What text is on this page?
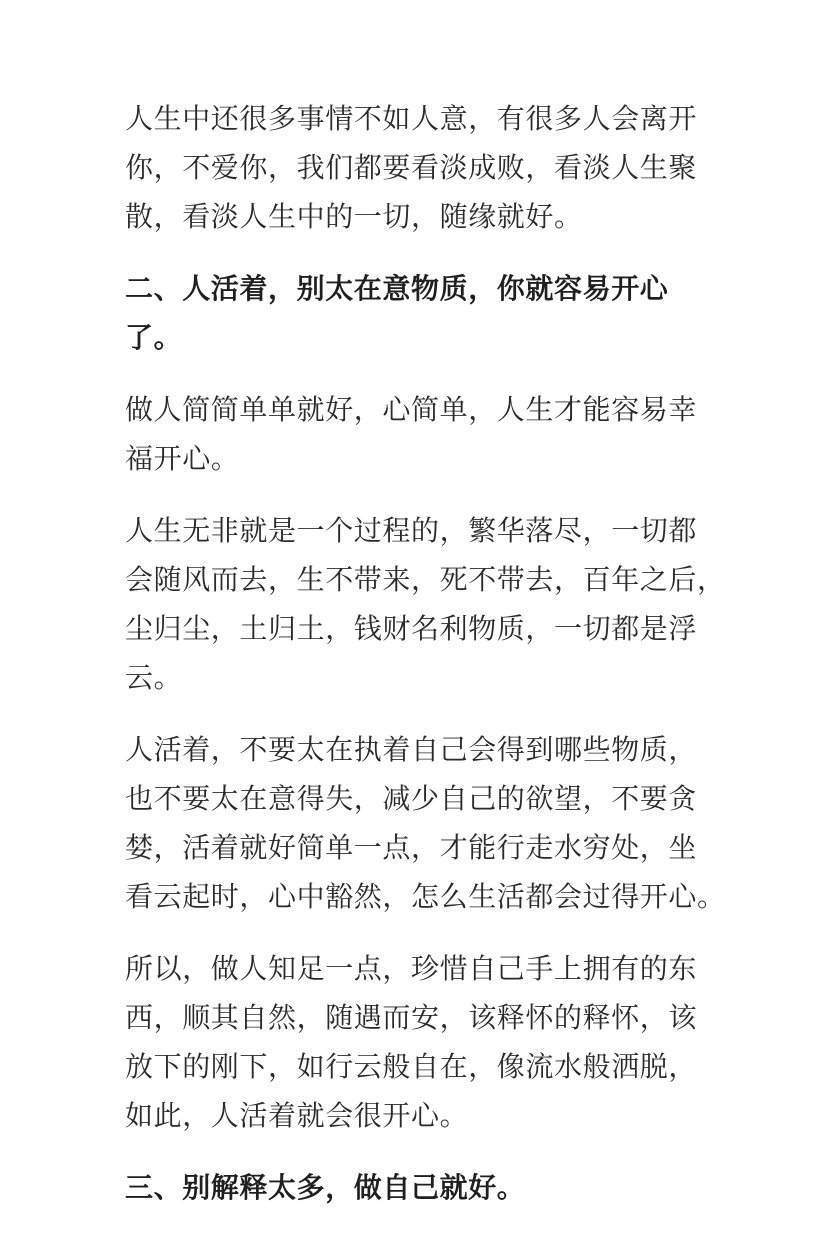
人生中还很多事情不如人意，有很多人会离开
你，不爱你，我们都要看淡成败，看淡人生聚
散，看淡人生中的一切，随缘就好。

二、人活着，别太在意物质，你就容易开心了。

做人简简单单就好，心简单，人生才能容易幸
福开心。

人生无非就是一个过程的，繁华落尽，一切都
会随风而去，生不带来，死不带去，百年之后，
尘归尘，土归土，钱财名利物质，一切都是浮
云。

人活着，不要太在执着自己会得到哪些物质，
也不要太在意得失，减少自己的欲望，不要贪
婪，活着就好简单一点，才能行走水穷处，坐
看云起时，心中豁然，怎么生活都会过得开心。

所以，做人知足一点，珍惜自己手上拥有的东
西，顺其自然，随遇而安，该释怀的释怀，该
放下的刚下，如行云般自在，像流水般洒脱，
如此，人活着就会很开心。

三、别解释太多，做自己就好。
